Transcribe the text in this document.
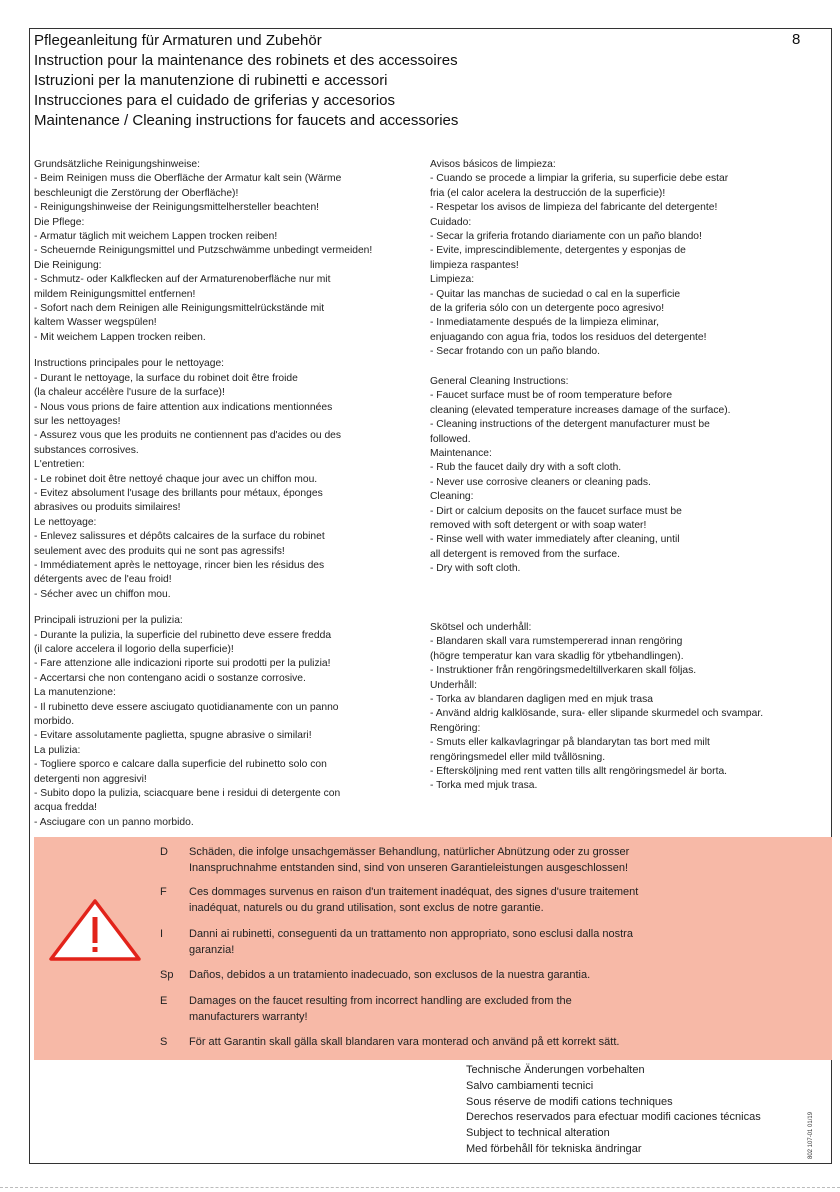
Pflegeanleitung für Armaturen und Zubehör
Instruction pour la maintenance des robinets et des accessoires
Istruzioni per la manutenzione di rubinetti e accessori
Instrucciones para el cuidado de griferias y accesorios
Maintenance / Cleaning instructions for faucets and accessories
8
Grundsätzliche Reinigungshinweise:
- Beim Reinigen muss die Oberfläche der Armatur kalt sein (Wärme
beschleunigt die Zerstörung der Oberfläche)!
- Reinigungshinweise der Reinigungsmittelhersteller beachten!
Die Pflege:
- Armatur täglich mit weichem Lappen trocken reiben!
- Scheuernde Reinigungsmittel und Putzschwämme unbedingt vermeiden!
Die Reinigung:
- Schmutz- oder Kalkflecken auf der Armaturenoberfläche nur mit
mildem Reinigungsmittel entfernen!
- Sofort nach dem Reinigen alle Reinigungsmittelrückstände mit
kaltem Wasser wegspülen!
- Mit weichem Lappen trocken reiben.
Instructions principales pour le nettoyage:
- Durant le nettoyage, la surface du robinet doit être froide
(la chaleur accélère l'usure de la surface)!
- Nous vous prions de faire attention aux indications mentionnées
sur les nettoyages!
- Assurez vous que les produits ne contiennent pas d'acides ou des
substances corrosives.
L'entretien:
- Le robinet doit être nettoyé chaque jour avec un chiffon mou.
- Evitez absolument l'usage des brillants pour métaux, éponges
abrasives ou produits similaires!
Le nettoyage:
- Enlevez salissures et dépôts calcaires de la surface du robinet
seulement avec des produits qui ne sont pas agressifs!
- Immédiatement après le nettoyage, rincer bien les résidus des
détergents avec de l'eau froid!
- Sécher avec un chiffon mou.
Principali istruzioni per la pulizia:
- Durante la pulizia, la superficie del rubinetto deve essere fredda
(il calore accelera il logorio della superficie)!
- Fare attenzione alle indicazioni riporte sui prodotti per la pulizia!
- Accertarsi che non contengano acidi o sostanze corrosive.
La manutenzione:
- Il rubinetto deve essere asciugato quotidianamente con un panno
morbido.
- Evitare assolutamente paglietta, spugne abrasive o similari!
La pulizia:
- Togliere sporco e calcare dalla superficie del rubinetto solo con
detergenti non aggresivi!
- Subito dopo la pulizia, sciacquare bene i residui di detergente con
acqua fredda!
- Asciugare con un panno morbido.
Avisos básicos de limpieza:
- Cuando se procede a limpiar la griferia, su superficie debe estar
fria (el calor acelera la destrucción de la superficie)!
- Respetar los avisos de limpieza del fabricante del detergente!
Cuidado:
- Secar la griferia frotando diariamente con un paño blando!
- Evite, imprescindiblemente, detergentes y esponjas de
limpieza raspantes!
Limpieza:
- Quitar las manchas de suciedad o cal en la superficie
de la griferia sólo con un detergente poco agresivo!
- Inmediatamente después de la limpieza eliminar,
enjuagando con agua fria, todos los residuos del detergente!
- Secar frotando con un paño blando.
General Cleaning Instructions:
- Faucet surface must be of room temperature before
cleaning (elevated temperature increases damage of the surface).
- Cleaning instructions of the detergent manufacturer must be
followed.
Maintenance:
- Rub the faucet daily dry with a soft cloth.
- Never use corrosive cleaners or cleaning pads.
Cleaning:
- Dirt or calcium deposits on the faucet surface must be
removed with soft detergent or with soap water!
- Rinse well with water immediately after cleaning, until
all detergent is removed from the surface.
- Dry with soft cloth.
Skötsel och underhåll:
- Blandaren skall vara rumstempererad innan rengöring
(högre temperatur kan vara skadlig för ytbehandlingen).
- Instruktioner från rengöringsmedeltillverkaren skall följas.
Underhåll:
- Torka av blandaren dagligen med en mjuk trasa
- Använd aldrig kalklösande, sura- eller slipande skurmedel och svampar.
Rengöring:
- Smuts eller kalkavlagringar på blandarytan tas bort med milt
rengöringsmedel eller mild tvållösning.
- Eftersköljning med rent vatten tills allt rengöringsmedel är borta.
- Torka med mjuk trasa.
D	Schäden, die infolge unsachgemässer Behandlung, natürlicher Abnützung oder zu grosser
Inanspruchnahme entstanden sind, sind von unseren Garantieleistungen ausgeschlossen!
F	Ces dommages survenus en raison d'un traitement inadéquat, des signes d'usure traitement
inadéquat, naturels ou du grand utilisation, sont exclus de notre garantie.
I	Danni ai rubinetti, conseguenti da un trattamento non appropriato, sono esclusi dalla nostra
garanzia!
Sp	Daños, debidos a un tratamiento inadecuado, son exclusos de la nuestra garantia.
E	Damages on the faucet resulting from incorrect handling are excluded from the
manufacturers warranty!
S	För att Garantin skall gälla skall blandaren vara monterad och använd på ett korrekt sätt.
Technische Änderungen vorbehalten
Salvo cambiamenti tecnici
Sous réserve de modifi cations techniques
Derechos reservados para efectuar modifi caciones técnicas
Subject to technical alteration
Med förbehåll för tekniska ändringar	802 107-01 01/19
